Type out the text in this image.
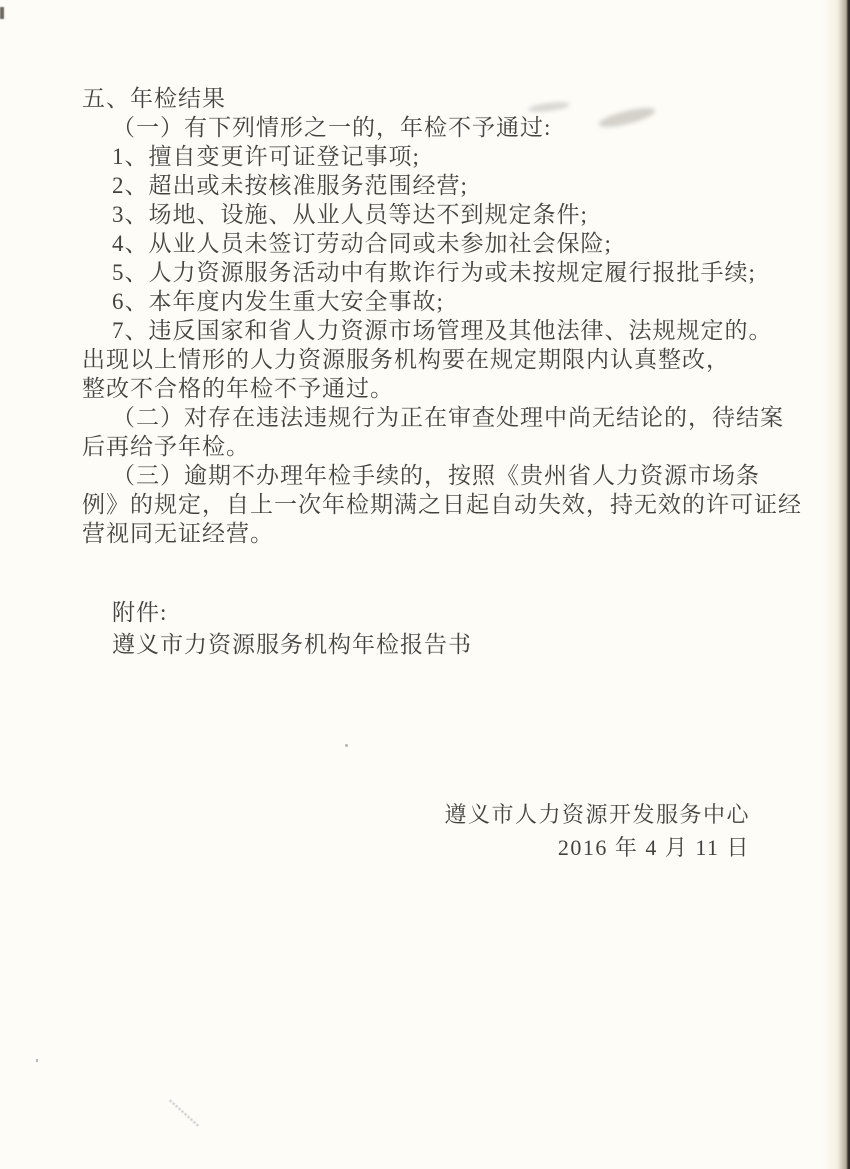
五、年检结果

（一）有下列情形之一的，年检不予通过:

1、擅自变更许可证登记事项;

2、超出或未按核准服务范围经营;

3、场地、设施、从业人员等达不到规定条件;

4、从业人员未签订劳动合同或未参加社会保险;

5、人力资源服务活动中有欺诈行为或未按规定履行报批手续;

6、本年度内发生重大安全事故;

7、违反国家和省人力资源市场管理及其他法律、法规规定的。

出现以上情形的人力资源服务机构要在规定期限内认真整改，

整改不合格的年检不予通过。

（二）对存在违法违规行为正在审查处理中尚无结论的，待结案

后再给予年检。

（三）逾期不办理年检手续的，按照《贵州省人力资源市场条

例》的规定，自上一次年检期满之日起自动失效，持无效的许可证经

营视同无证经营。

附件:

遵义市力资源服务机构年检报告书

遵义市人力资源开发服务中心

2016 年 4 月 11 日
